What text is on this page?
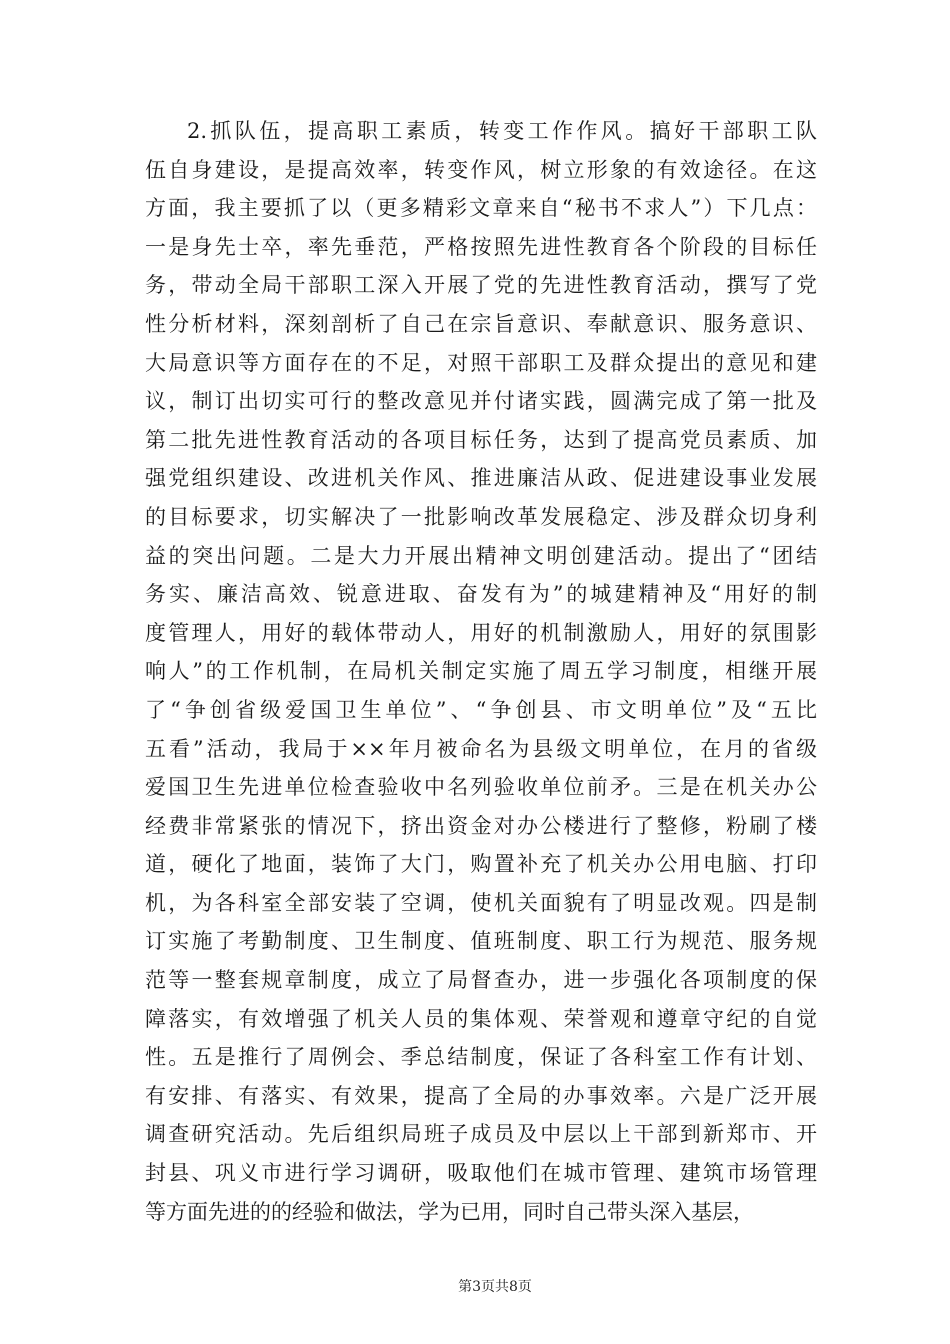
2.抓队伍，提高职工素质，转变工作作风。搞好干部职工队
伍自身建设，是提高效率，转变作风，树立形象的有效途径。在这
方面，我主要抓了以（更多精彩文章来自“秘书不求人”）下几点：
一是身先士卒，率先垂范，严格按照先进性教育各个阶段的目标任
务，带动全局干部职工深入开展了党的先进性教育活动，撰写了党
性分析材料，深刻剖析了自己在宗旨意识、奉献意识、服务意识、
大局意识等方面存在的不足，对照干部职工及群众提出的意见和建
议，制订出切实可行的整改意见并付诸实践，圆满完成了第一批及
第二批先进性教育活动的各项目标任务，达到了提高党员素质、加
强党组织建设、改进机关作风、推进廉洁从政、促进建设事业发展
的目标要求，切实解决了一批影响改革发展稳定、涉及群众切身利
益的突出问题。二是大力开展出精神文明创建活动。提出了“团结
务实、廉洁高效、锐意进取、奋发有为”的城建精神及“用好的制
度管理人，用好的载体带动人，用好的机制激励人，用好的氛围影
响人”的工作机制，在局机关制定实施了周五学习制度，相继开展
了“争创省级爱国卫生单位”、“争创县、市文明单位”及“五比
五看”活动，我局于××年月被命名为县级文明单位，在月的省级
爱国卫生先进单位检查验收中名列验收单位前矛。三是在机关办公
经费非常紧张的情况下，挤出资金对办公楼进行了整修，粉刷了楼
道，硬化了地面，装饰了大门，购置补充了机关办公用电脑、打印
机，为各科室全部安装了空调，使机关面貌有了明显改观。四是制
订实施了考勤制度、卫生制度、值班制度、职工行为规范、服务规
范等一整套规章制度，成立了局督查办，进一步强化各项制度的保
障落实，有效增强了机关人员的集体观、荣誉观和遵章守纪的自觉
性。五是推行了周例会、季总结制度，保证了各科室工作有计划、
有安排、有落实、有效果，提高了全局的办事效率。六是广泛开展
调查研究活动。先后组织局班子成员及中层以上干部到新郑市、开
封县、巩义市进行学习调研，吸取他们在城市管理、建筑市场管理
等方面先进的的经验和做法，学为已用，同时自己带头深入基层，
第3页共8页
